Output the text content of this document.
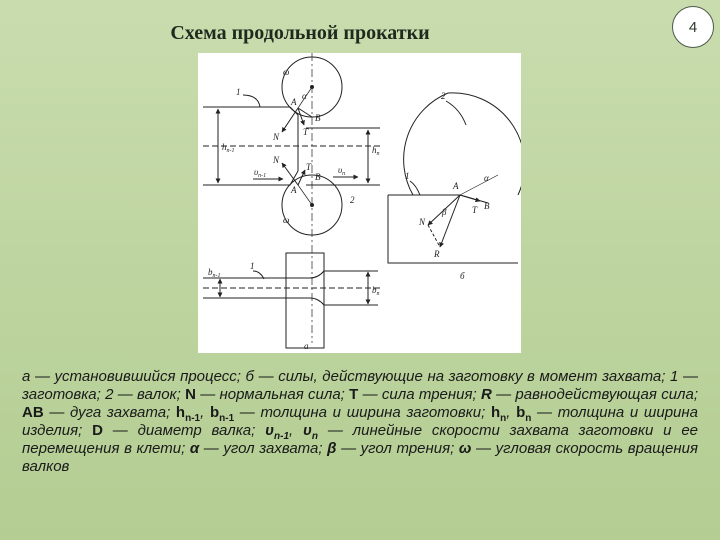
Схема продольной прокатки	4
1
2
A
B
N	T
N
T
A
B
α
ω
ω
$h_{n-1}$	$h_n$
$\upsilon_{n-1}$
$\upsilon_n$
1
$b_{n-1}$
$b_n$
а
2
1
A
B
T
N
R
β
α
б

а — установившийся процесс; б — силы, действующие на заготовку в момент захвата; 1 — заготовка; 2 — валок; N — нормальная сила; T — сила трения; R — равнодействующая сила; АВ — дуга захвата; $h_{n-1}$, $b_{n-1}$ — толщина и ширина заготовки; $h_n$, $b_n$ — толщина и ширина изделия; D — диаметр валка; $\upsilon_{n-1}$, $\upsilon_n$ — линейные скорости захвата заготовки и ее перемещения в клети; α — угол захвата; β — угол трения; ω — угловая скорость вращения валков
